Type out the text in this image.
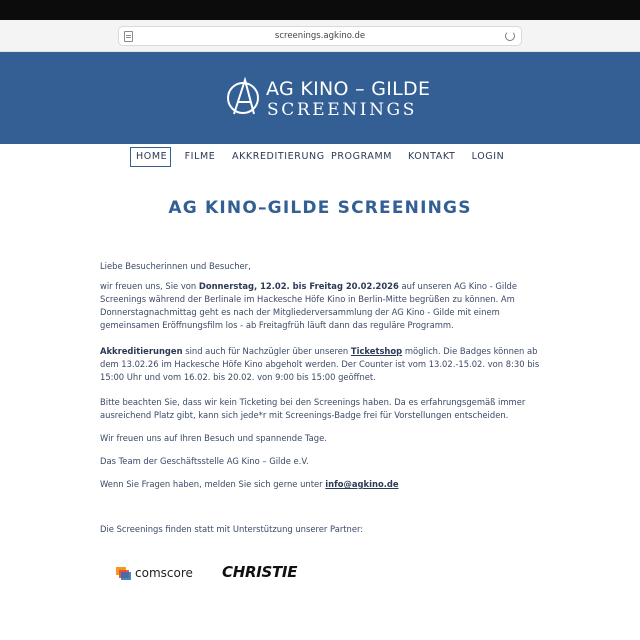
screenings.agkino.de
AG KINO – GILDE
SCREENINGS
HOME	FILME AKKREDITIERUNG PROGRAMM KONTAKT LOGIN
AG KINO–GILDE SCREENINGS

Liebe Besucherinnen und Besucher,

wir freuen uns, Sie von Donnerstag, 12.02. bis Freitag 20.02.2026 auf unseren AG Kino - Gilde Screenings während der Berlinale im Hackesche Höfe Kino in Berlin-Mitte begrüßen zu können. Am Donnerstagnachmittag geht es nach der Mitgliederversammlung der AG Kino - Gilde mit einem gemeinsamen Eröffnungsfilm los - ab Freitagfrüh läuft dann das reguläre Programm.

Akkreditierungen sind auch für Nachzügler über unseren Ticketshop möglich. Die Badges können ab dem 13.02.26 im Hackesche Höfe Kino abgeholt werden. Der Counter ist vom 13.02.-15.02. von 8:30 bis 15:00 Uhr und vom 16.02. bis 20.02. von 9:00 bis 15:00 geöffnet.

Bitte beachten Sie, dass wir kein Ticketing bei den Screenings haben. Da es erfahrungsgemäß immer ausreichend Platz gibt, kann sich jede*r mit Screenings-Badge frei für Vorstellungen entscheiden.

Wir freuen uns auf Ihren Besuch und spannende Tage.

Das Team der Geschäftsstelle AG Kino – Gilde e.V.

Wenn Sie Fragen haben, melden Sie sich gerne unter info@agkino.de

Die Screenings finden statt mit Unterstützung unserer Partner:

comscore CHRISTIE
